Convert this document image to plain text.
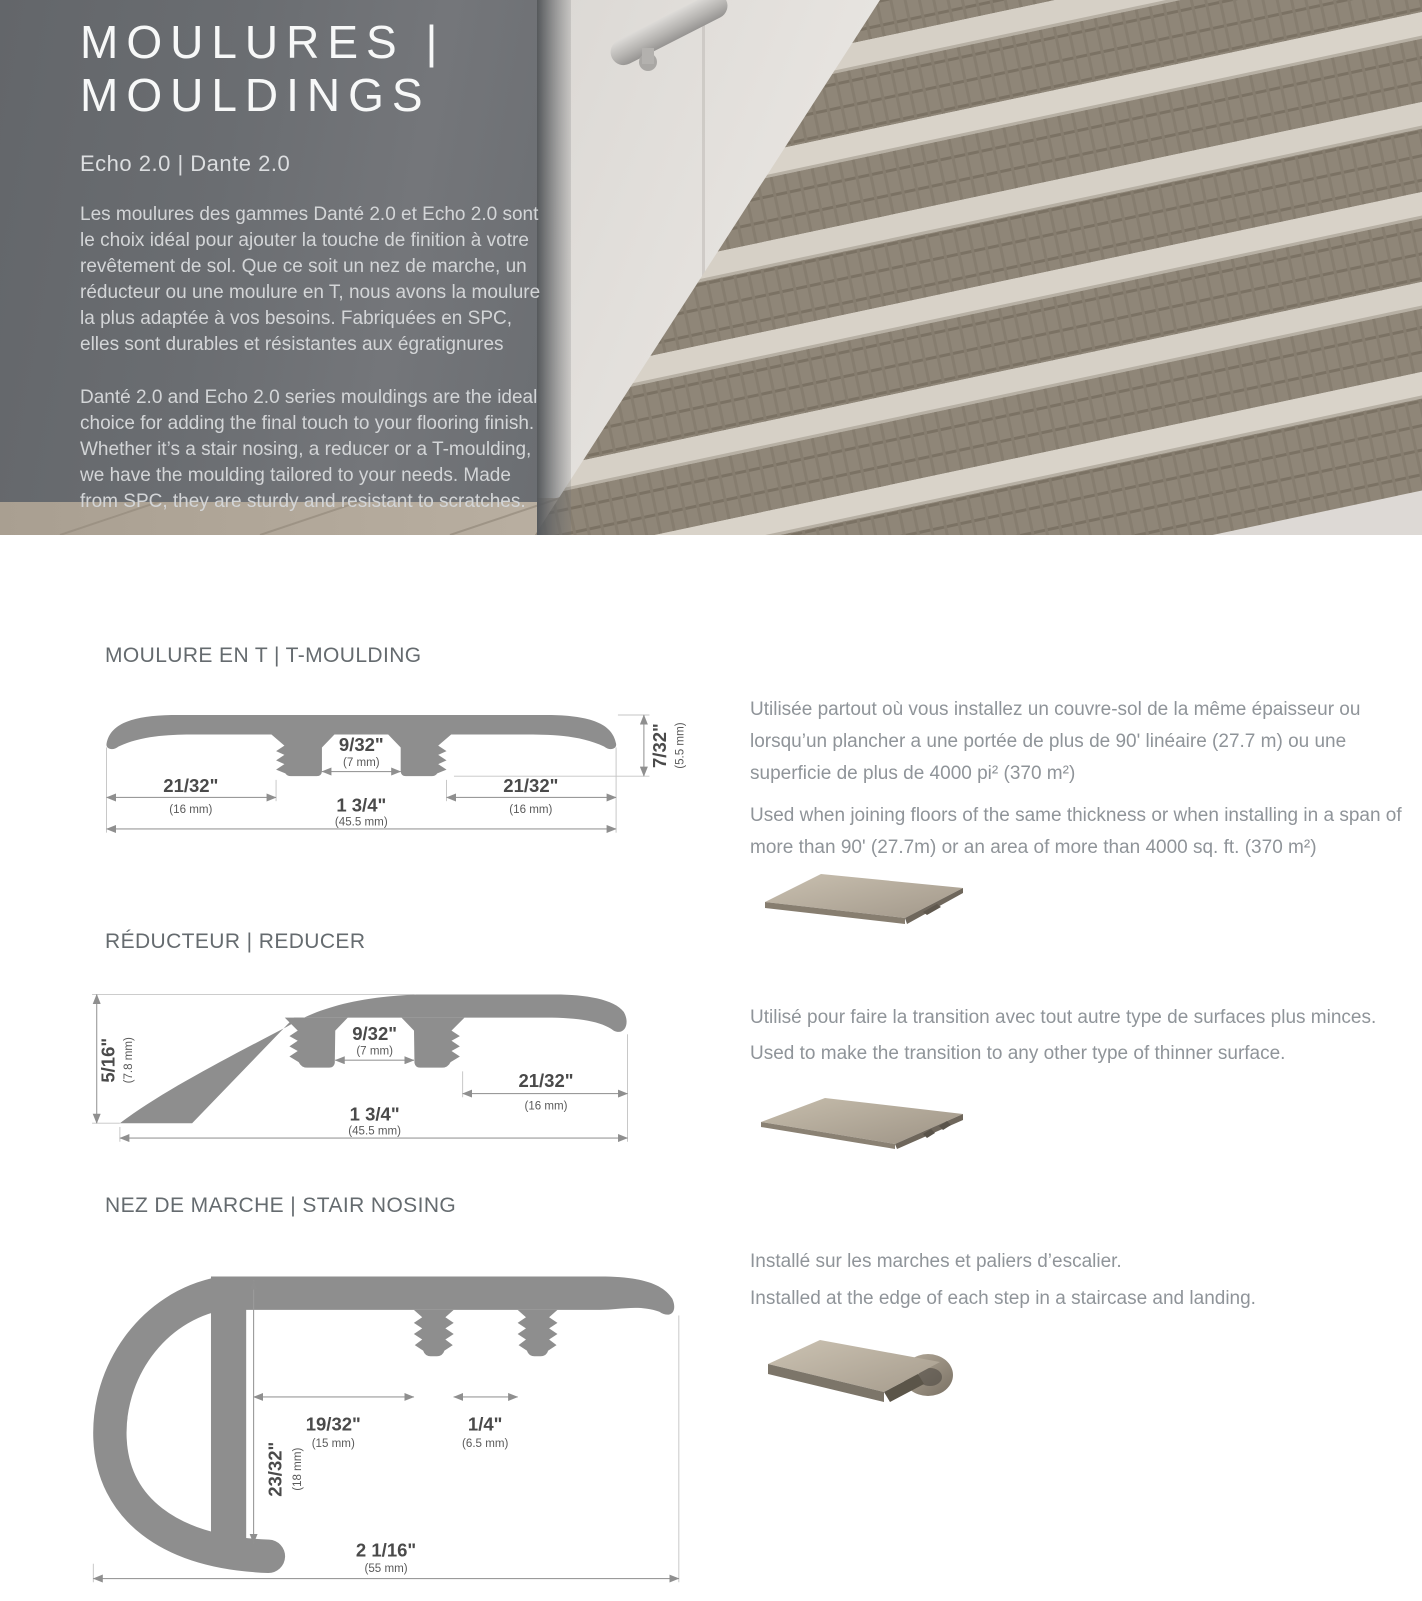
MOULURES |
MOULDINGS
Echo 2.0 | Dante 2.0
Les moulures des gammes Danté 2.0 et Echo 2.0 sont le choix idéal pour ajouter la touche de finition à votre revêtement de sol. Que ce soit un nez de marche, un réducteur ou une moulure en T, nous avons la moulure la plus adaptée à vos besoins. Fabriquées en SPC, elles sont durables et résistantes aux égratignures
Danté 2.0 and Echo 2.0 series mouldings are the ideal choice for adding the final touch to your flooring finish. Whether it’s a stair nosing, a reducer or a T-moulding, we have the moulding tailored to your needs. Made from SPC, they are sturdy and resistant to scratches.
MOULURE EN T | T-MOULDING
9/32"
(7 mm)
21/32"
(16 mm)
21/32"
(16 mm)
1 3/4"
(45.5 mm)
7/32" (5.5 mm)
Utilisée partout où vous installez un couvre-sol de la même épaisseur ou lorsqu’un plancher a une portée de plus de 90' linéaire (27.7 m) ou une superficie de plus de 4000 pi² (370 m²)
Used when joining floors of the same thickness or when installing in a span of more than 90' (27.7m) or an area of more than 4000 sq. ft. (370 m²)
RÉDUCTEUR | REDUCER
5/16" (7.8 mm)
9/32"
(7 mm)
21/32"
(16 mm)
1 3/4"
(45.5 mm)
Utilisé pour faire la transition avec tout autre type de surfaces plus minces.
Used to make the transition to any other type of thinner surface.
NEZ DE MARCHE | STAIR NOSING
23/32" (18 mm)
19/32"
(15 mm)
1/4"
(6.5 mm)
2 1/16"
(55 mm)
Installé sur les marches et paliers d’escalier.
Installed at the edge of each step in a staircase and landing.
